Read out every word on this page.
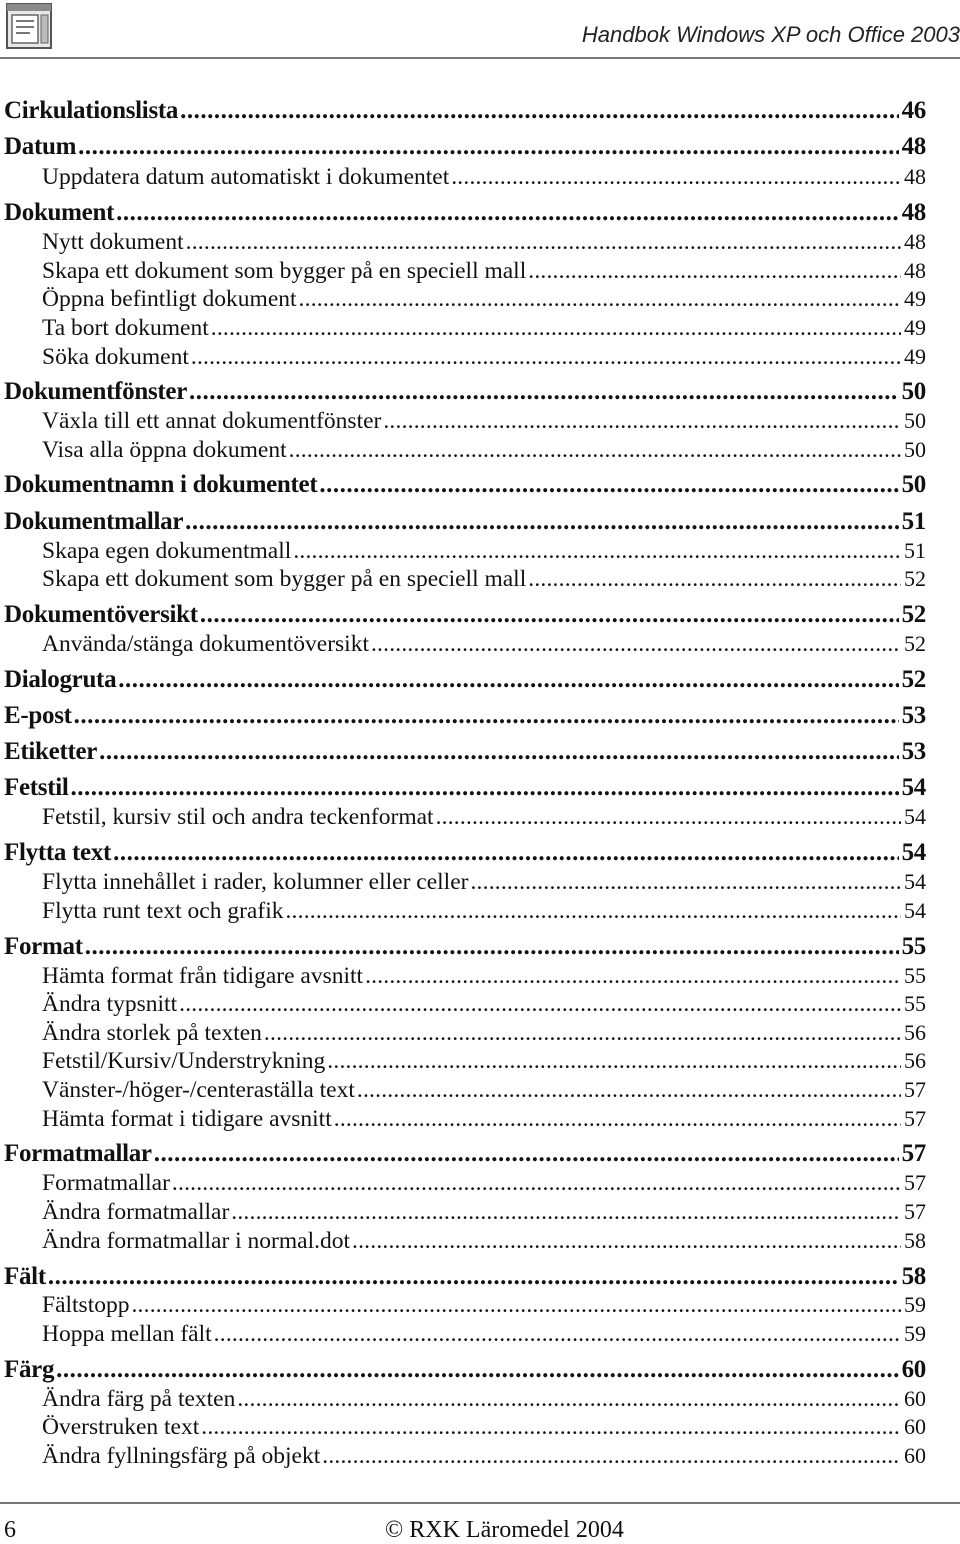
Handbok Windows XP och Office 2003
Cirkulationslista .....	46
Datum .....	48
Uppdatera datum automatiskt i dokumentet .....	48
Dokument .....	48
Nytt dokument .....	48
Skapa ett dokument som bygger på en speciell mall .....	48
Öppna befintligt dokument .....	49
Ta bort dokument .....	49
Söka dokument .....	49
Dokumentfönster .....	50
Växla till ett annat dokumentfönster .....	50
Visa alla öppna dokument .....	50
Dokumentnamn i dokumentet .....	50
Dokumentmallar .....	51
Skapa egen dokumentmall .....	51
Skapa ett dokument som bygger på en speciell mall .....	52
Dokumentöversikt .....	52
Använda/stänga dokumentöversikt .....	52
Dialogruta .....	52
E-post .....	53
Etiketter .....	53
Fetstil .....	54
Fetstil, kursiv stil och andra teckenformat .....	54
Flytta text .....	54
Flytta innehållet i rader, kolumner eller celler .....	54
Flytta runt text och grafik .....	54
Format .....	55
Hämta format från tidigare avsnitt .....	55
Ändra typsnitt .....	55
Ändra storlek på texten .....	56
Fetstil/Kursiv/Understrykning .....	56
Vänster-/höger-/centeraställa text .....	57
Hämta format i tidigare avsnitt .....	57
Formatmallar .....	57
Formatmallar .....	57
Ändra formatmallar .....	57
Ändra formatmallar i normal.dot .....	58
Fält .....	58
Fältstopp .....	59
Hoppa mellan fält .....	59
Färg .....	60
Ändra färg på texten .....	60
Överstruken text .....	60
Ändra fyllningsfärg på objekt .....	60
6	© RXK Läromedel 2004
